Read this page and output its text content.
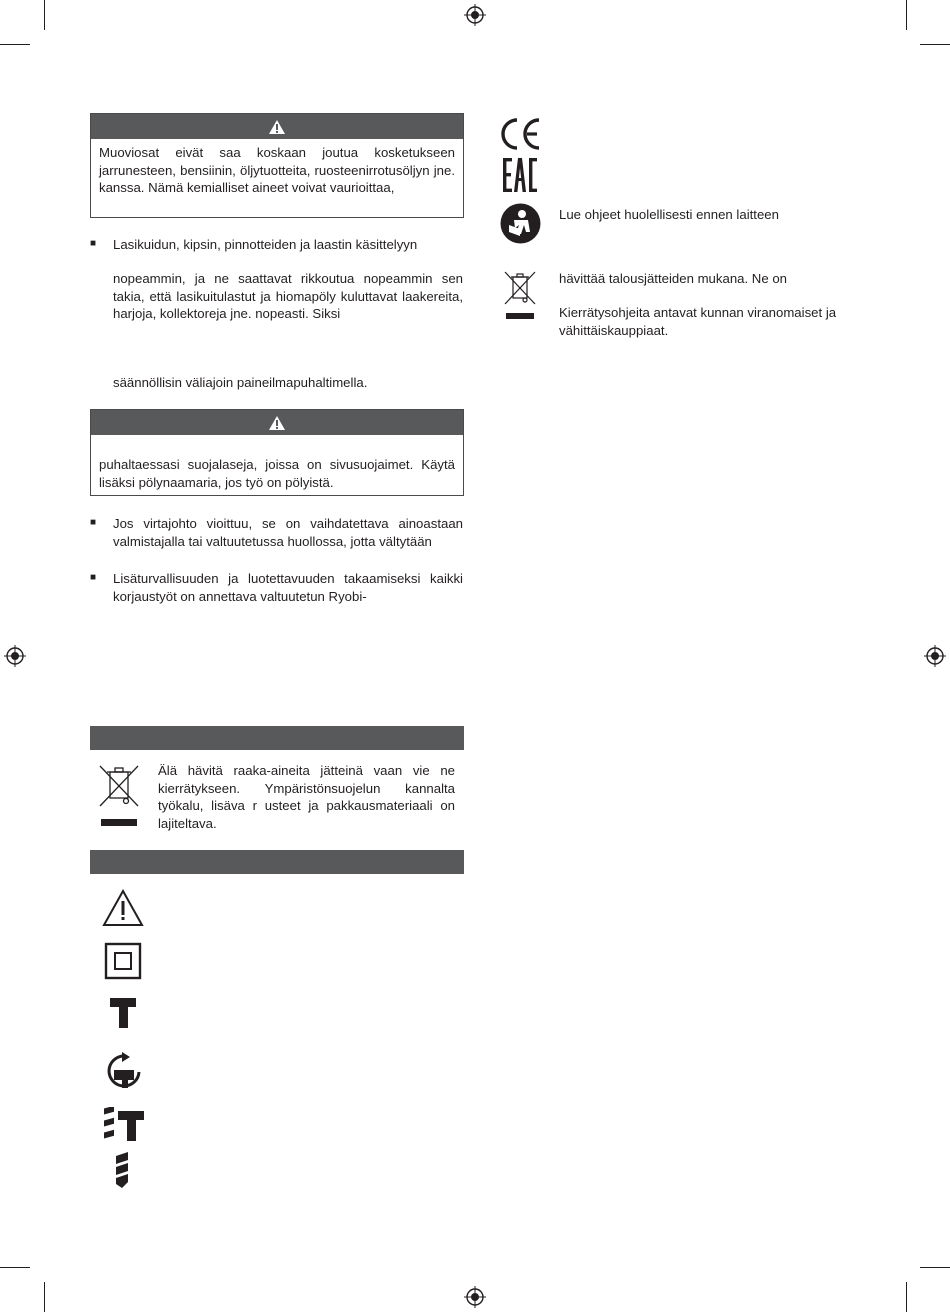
Muoviosat eivät saa koskaan joutua kosketukseen jarrunesteen, bensiinin, öljytuotteita, ruosteenirrotusöljyn jne. kanssa. Nämä kemialliset aineet voivat vaurioittaa,
■ Lasikuidun, kipsin, pinnotteiden ja laastin käsittelyyn
nopeammin, ja ne saattavat rikkoutua nopeammin sen takia, että lasikuitulastut ja hiomapöly kuluttavat laakereita, harjoja, kollektoreja jne. nopeasti. Siksi
säännöllisin väliajoin paineilmapuhaltimella.
puhaltaessasi suojalaseja, joissa on sivusuojaimet. Käytä lisäksi pölynaamaria, jos työ on pölyistä.
■ Jos virtajohto vioittuu, se on vaihdatettava ainoastaan valmistajalla tai valtuutetussa huollossa, jotta vältytään
■ Lisäturvallisuuden ja luotettavuuden takaamiseksi kaikki korjaustyöt on annettava valtuutetun Ryobi-
Älä hävitä raaka-aineita jätteinä vaan vie ne kierrätykseen. Ympäristönsuojelun kannalta työkalu, lisäva r usteet ja pakkausmateriaali on lajiteltava.
Lue ohjeet huolellisesti ennen laitteen
hävittää talousjätteiden mukana. Ne on
Kierrätysohjeita antavat kunnan viranomaiset ja vähittäiskauppiaat.
